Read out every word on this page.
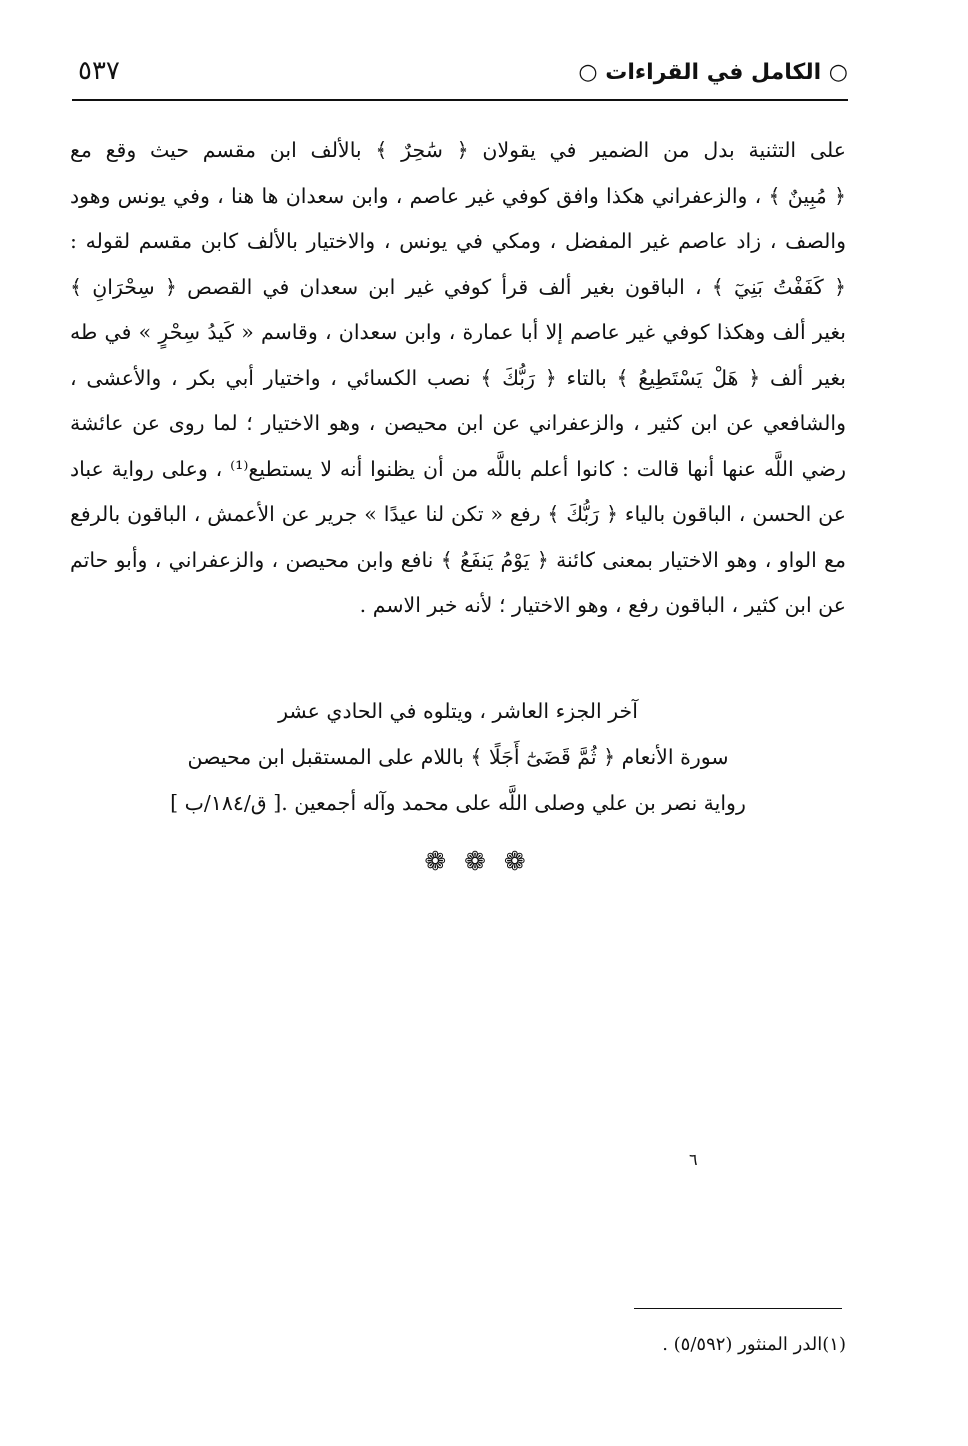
○ الكامل في القراءات ○
٥٣٧
على التثنية بدل من الضمير في يقولان ﴿ سَٰحِرٌ ﴾ بالألف ابن مقسم حيث وقع مع
﴿ مُبِينٌ ﴾ ، والزعفراني هكذا وافق كوفي غير عاصم ، وابن سعدان ها هنا ، وفي يونس وهود
والصف ، زاد عاصم غير المفضل ، ومكي في يونس ، والاختيار بالألف كابن مقسم لقوله :
﴿ كَفَفْتُ بَنِيٓ ﴾ ، الباقون بغير ألف قرأ كوفي غير ابن سعدان في القصص ﴿ سِحْرَانِ ﴾
بغير ألف وهكذا كوفي غير عاصم إلا أبا عمارة ، وابن سعدان ، وقاسم « كَيدُ سِحْرٍ » في طه
بغير ألف ﴿ هَلْ يَسْتَطِيعُ ﴾ بالتاء ﴿ رَبُّكَ ﴾ نصب الكسائي ، واختيار أبي بكر ، والأعشى ،
والشافعي عن ابن كثير ، والزعفراني عن ابن محيصن ، وهو الاختيار ؛ لما روى عن عائشة
رضي اللَّه عنها أنها قالت : كانوا أعلم باللَّه من أن يظنوا أنه لا يستطيع⁽¹⁾ ، وعلى رواية عباد
عن الحسن ، الباقون بالياء ﴿ رَبُّكَ ﴾ رفع « تكن لنا عيدًا » جرير عن الأعمش ، الباقون بالرفع
مع الواو ، وهو الاختيار بمعنى كائنة ﴿ يَوْمُ يَنفَعُ ﴾ نافع وابن محيصن ، والزعفراني ، وأبو حاتم
عن ابن كثير ، الباقون رفع ، وهو الاختيار ؛ لأنه خبر الاسم .
آخر الجزء العاشر ، ويتلوه في الحادي عشر
سورة الأنعام ﴿ ثُمَّ قَضَىٰٓ أَجَلًا ﴾ باللام على المستقبل ابن محيصن
رواية نصر بن علي وصلى اللَّه على محمد وآله أجمعين .[ ق/١٨٤/ب ]
❁❁❁
٦
(١)الدر المنثور (٥/٥٩٢) .
